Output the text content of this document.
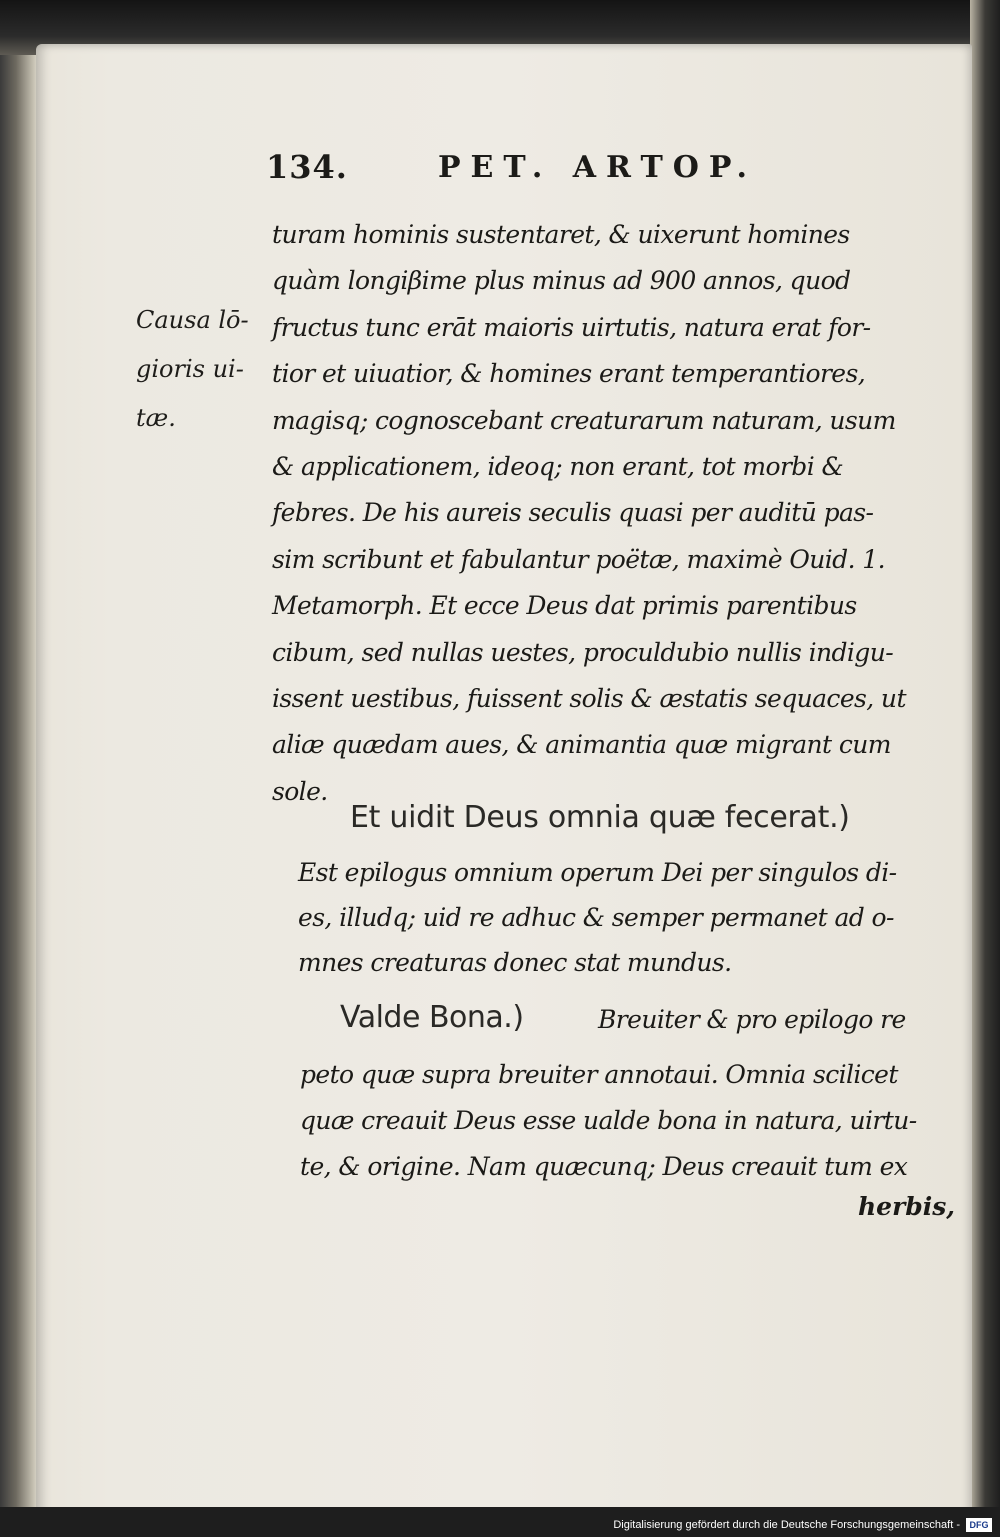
134.	PET. ARTOP.
Causa lō-
gioris ui-
tæ.
turam hominis sustentaret, & uixerunt homines
quàm longiβime plus minus ad 900 annos, quod
fructus tunc erāt maioris uirtutis, natura erat for-
tior et uiuatior, & homines erant temperantiores,
magisq; cognoscebant creaturarum naturam, usum
& applicationem, ideoq; non erant, tot morbi &
febres. De his aureis seculis quasi per auditū pas-
sim scribunt et fabulantur poëtæ, maximè Ouid. 1.
Metamorph. Et ecce Deus dat primis parentibus
cibum, sed nullas uestes, proculdubio nullis indigu-
issent uestibus, fuissent solis & æstatis sequaces, ut
aliæ quædam aues, & animantia quæ migrant cum
sole.
Et uidit Deus omnia quæ fecerat.)
Est epilogus omnium operum Dei per singulos di-
es, illudq; uid re adhuc & semper permanet ad o-
mnes creaturas donec stat mundus.
Valde Bona.)	Breuiter & pro epilogo re
peto quæ supra breuiter annotaui. Omnia scilicet
quæ creauit Deus esse ualde bona in natura, uirtu-
te, & origine. Nam quæcunq; Deus creauit tum ex
herbis,
Digitalisierung gefördert durch die Deutsche Forschungsgemeinschaft -	DFG
